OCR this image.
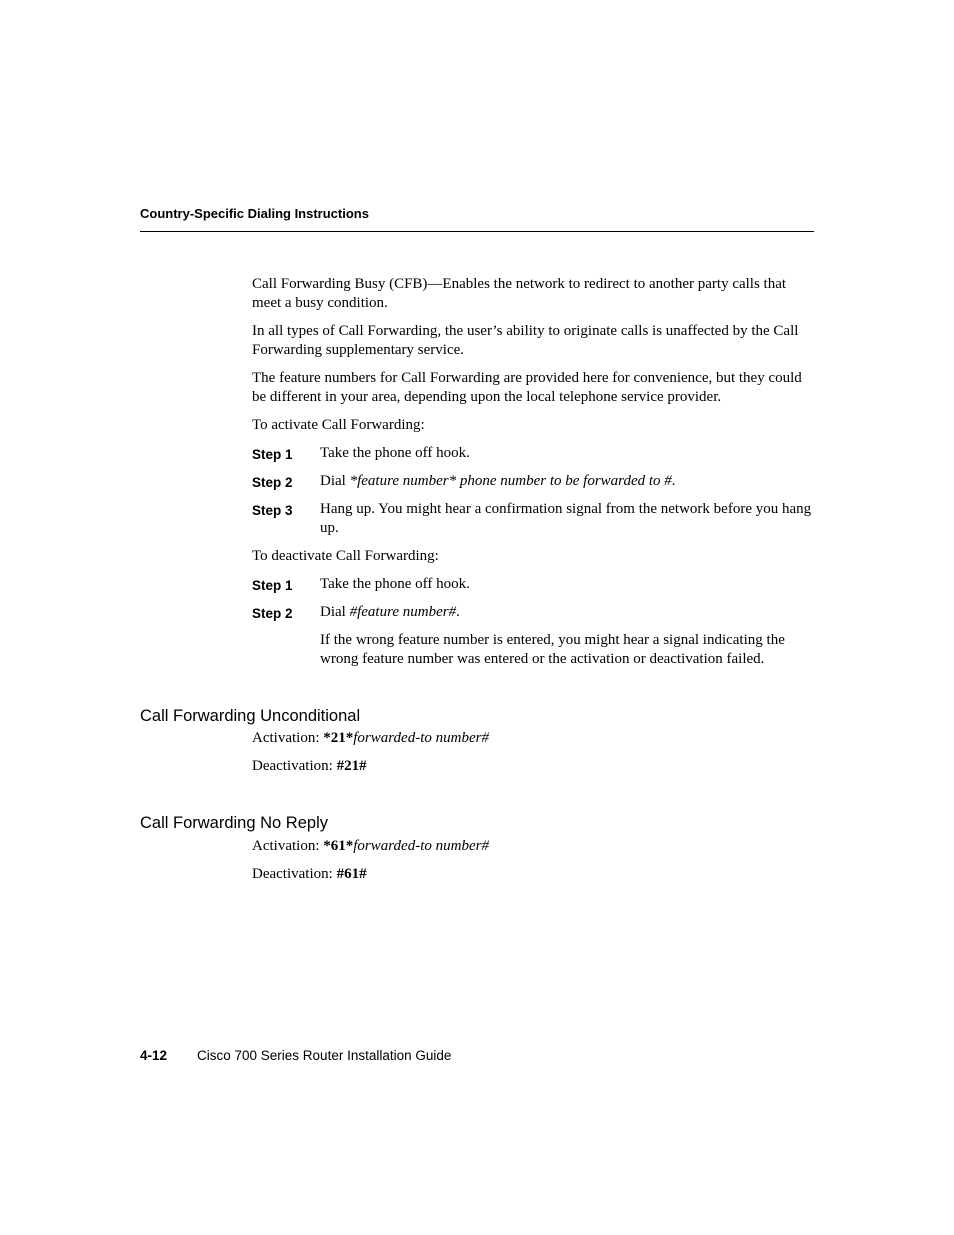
Country-Specific Dialing Instructions

Call Forwarding Busy (CFB)—Enables the network to redirect to another party calls that meet a busy condition.

In all types of Call Forwarding, the user’s ability to originate calls is unaffected by the Call Forwarding supplementary service.

The feature numbers for Call Forwarding are provided here for convenience, but they could be different in your area, depending upon the local telephone service provider.

To activate Call Forwarding:

Step 1 Take the phone off hook.

Step 2 Dial *feature number* phone number to be forwarded to #.

Step 3 Hang up. You might hear a confirmation signal from the network before you hang up.

To deactivate Call Forwarding:

Step 1 Take the phone off hook.

Step 2 Dial #feature number#.

If the wrong feature number is entered, you might hear a signal indicating the wrong feature number was entered or the activation or deactivation failed.

Call Forwarding Unconditional

Activation: *21*forwarded-to number#

Deactivation: #21#

Call Forwarding No Reply

Activation: *61*forwarded-to number#

Deactivation: #61#

4-12 Cisco 700 Series Router Installation Guide
